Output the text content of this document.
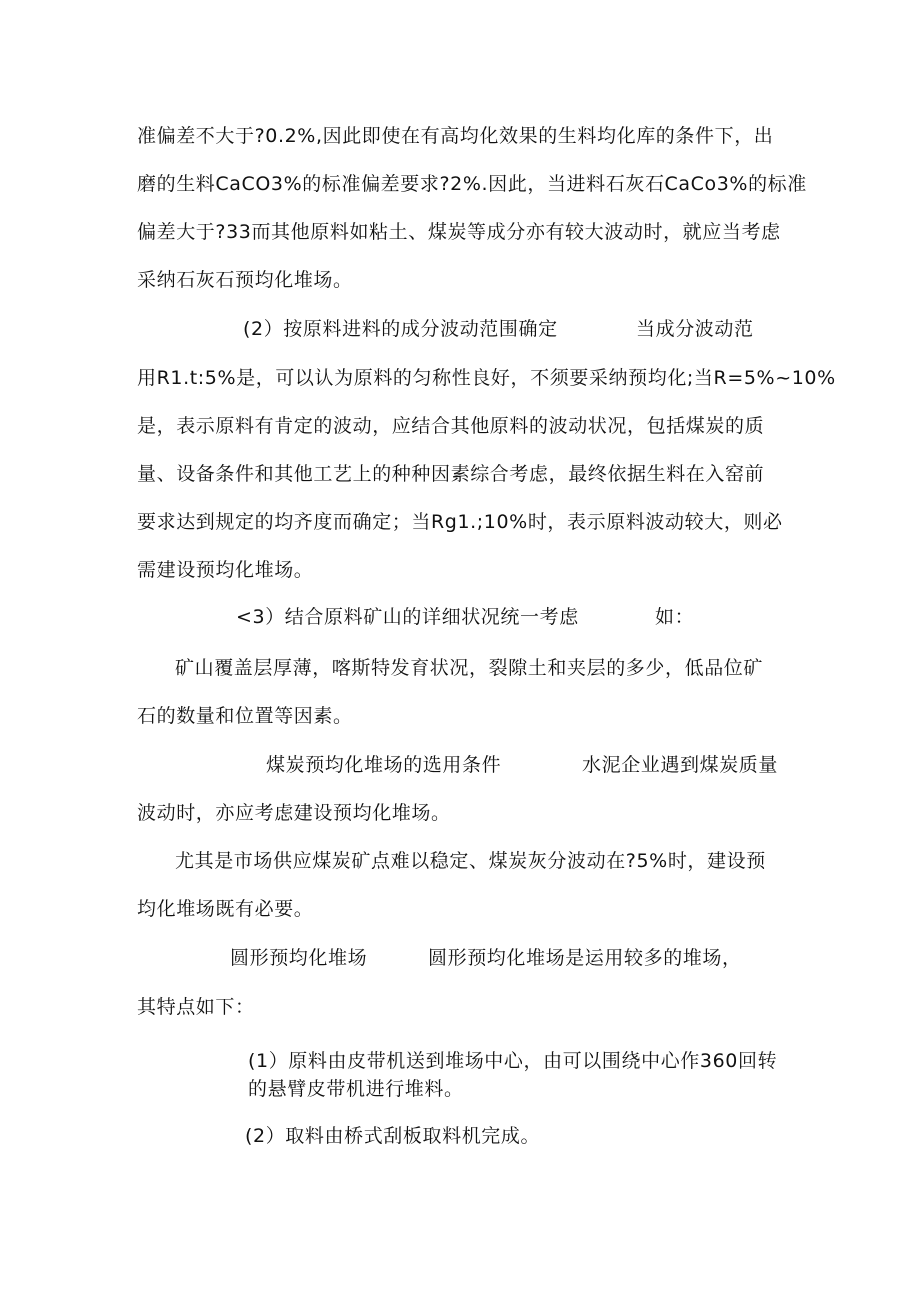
准偏差不大于?0.2%,因此即使在有高均化效果的生料均化库的条件下，出
磨的生料CaCO3%的标准偏差要求?2%.因此，当进料石灰石CaCo3%的标准
偏差大于?33而其他原料如粘土、煤炭等成分亦有较大波动时，就应当考虑
采纳石灰石预均化堆场。
(2）按原料进料的成分波动范围确定	当成分波动范
用R1.t:5%是，可以认为原料的匀称性良好，不须要采纳预均化;当R=5%~10%
是，表示原料有肯定的波动，应结合其他原料的波动状况，包括煤炭的质
量、设备条件和其他工艺上的种种因素综合考虑，最终依据生料在入窑前
要求达到规定的均齐度而确定；当Rg1.;10%时，表示原料波动较大，则必
需建设预均化堆场。
<3）结合原料矿山的详细状况统一考虑	如：
矿山覆盖层厚薄，喀斯特发育状况，裂隙土和夹层的多少，低品位矿
石的数量和位置等因素。
煤炭预均化堆场的选用条件	水泥企业遇到煤炭质量
波动时，亦应考虑建设预均化堆场。
尤其是市场供应煤炭矿点难以稳定、煤炭灰分波动在?5%时，建设预
均化堆场既有必要。
圆形预均化堆场	圆形预均化堆场是运用较多的堆场，
其特点如下：
(1）原料由皮带机送到堆场中心，由可以围绕中心作360回转
的悬臂皮带机进行堆料。
(2）取料由桥式刮板取料机完成。
